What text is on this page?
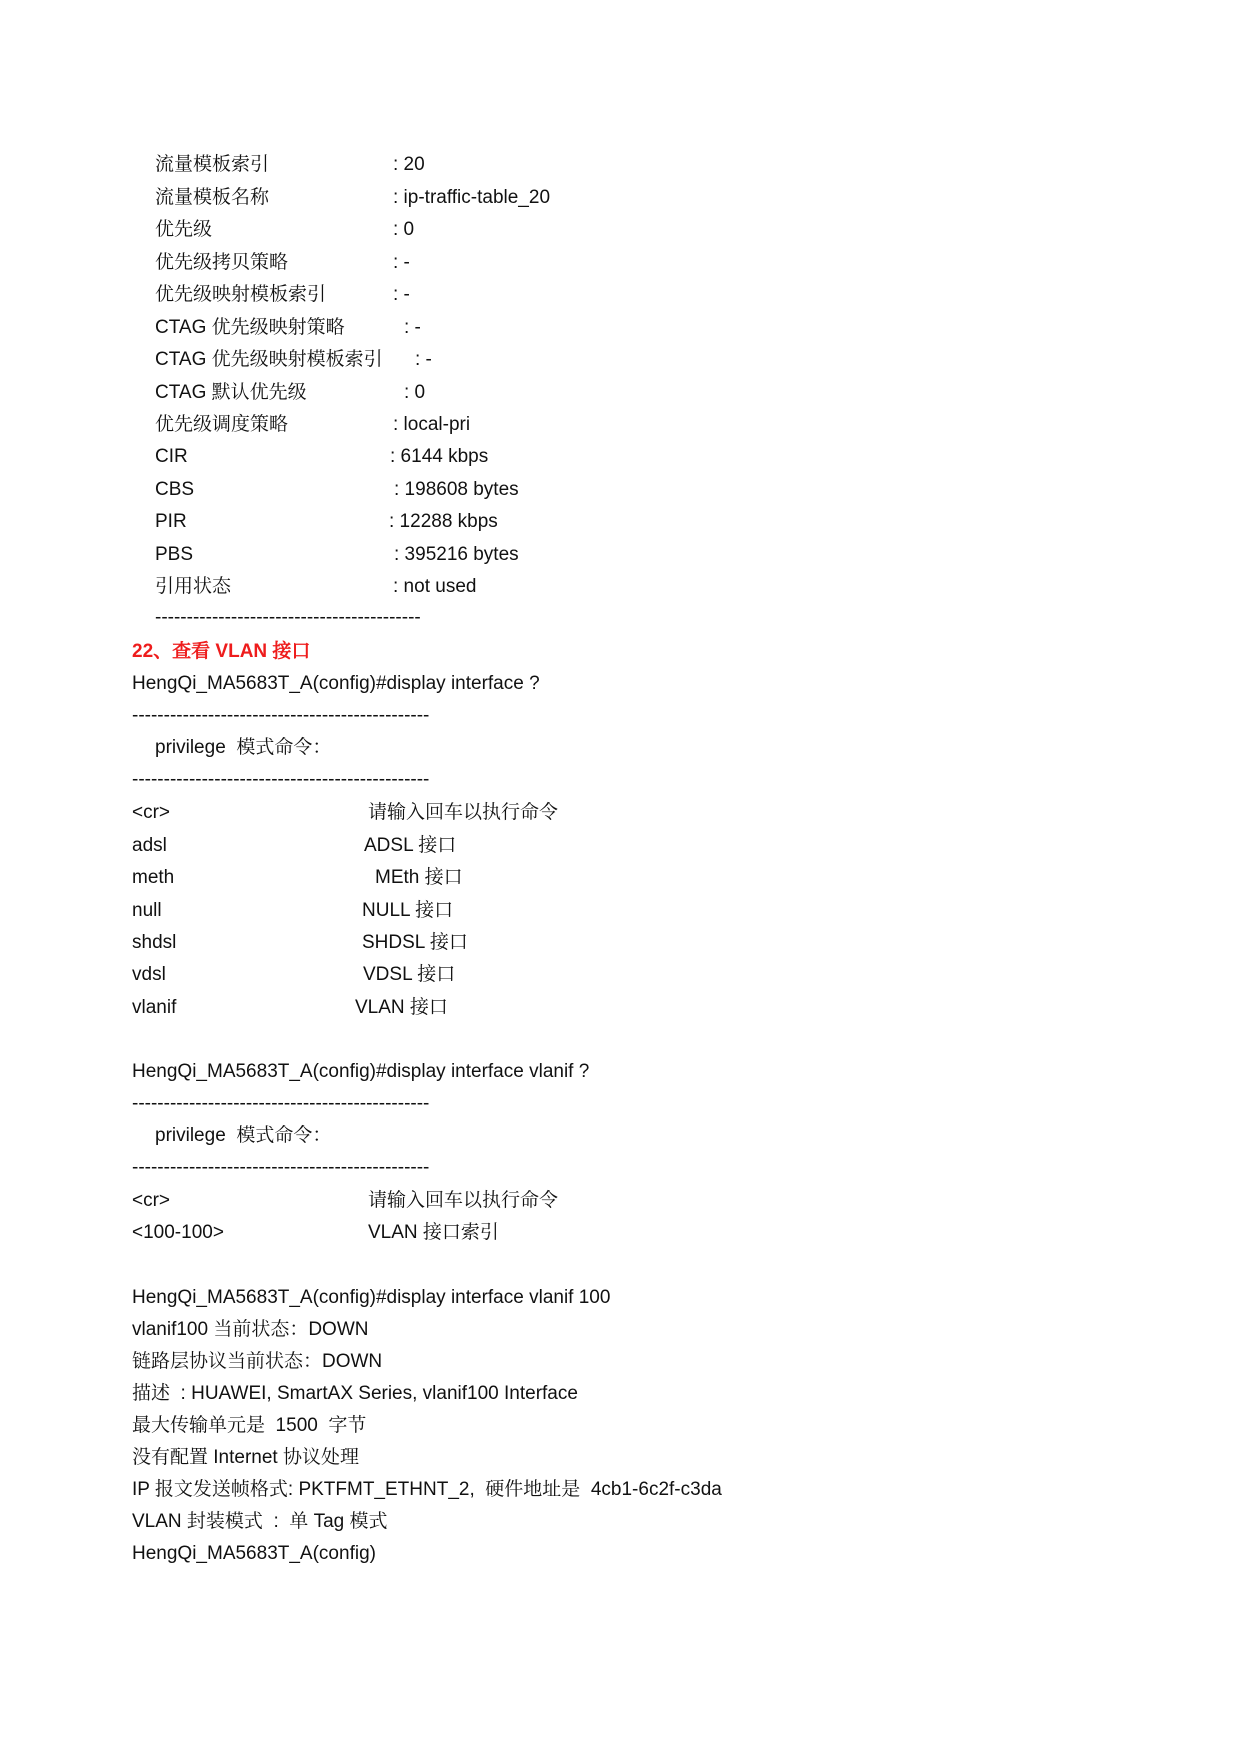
流量模板索引	: 20
流量模板名称	: ip-traffic-table_20
优先级	: 0
优先级拷贝策略	: -
优先级映射模板索引	: -
CTAG 优先级映射策略	: -
CTAG 优先级映射模板索引 : -
CTAG 默认优先级	: 0
优先级调度策略	: local-pri
CIR	: 6144 kbps
CBS	: 198608 bytes
PIR	: 12288 kbps
PBS	: 395216 bytes
引用状态	: not used
------------------------------------------
22、查看 VLAN 接口
HengQi_MA5683T_A(config)#display interface ?
-----------------------------------------------
privilege  模式命令：
-----------------------------------------------
<cr>	请输入回车以执行命令
adsl	ADSL 接口
meth	MEth 接口
null	NULL 接口
shdsl	SHDSL 接口
vdsl	VDSL 接口
vlanif	VLAN 接口
HengQi_MA5683T_A(config)#display interface vlanif ?
-----------------------------------------------
privilege  模式命令：
-----------------------------------------------
<cr>	请输入回车以执行命令
<100-100>	VLAN 接口索引
HengQi_MA5683T_A(config)#display interface vlanif 100
vlanif100 当前状态：DOWN
链路层协议当前状态：DOWN
描述  : HUAWEI, SmartAX Series, vlanif100 Interface
最大传输单元是  1500  字节
没有配置 Internet 协议处理
IP 报文发送帧格式: PKTFMT_ETHNT_2,  硬件地址是  4cb1-6c2f-c3da
VLAN 封装模式  :  单 Tag 模式
HengQi_MA5683T_A(config)
